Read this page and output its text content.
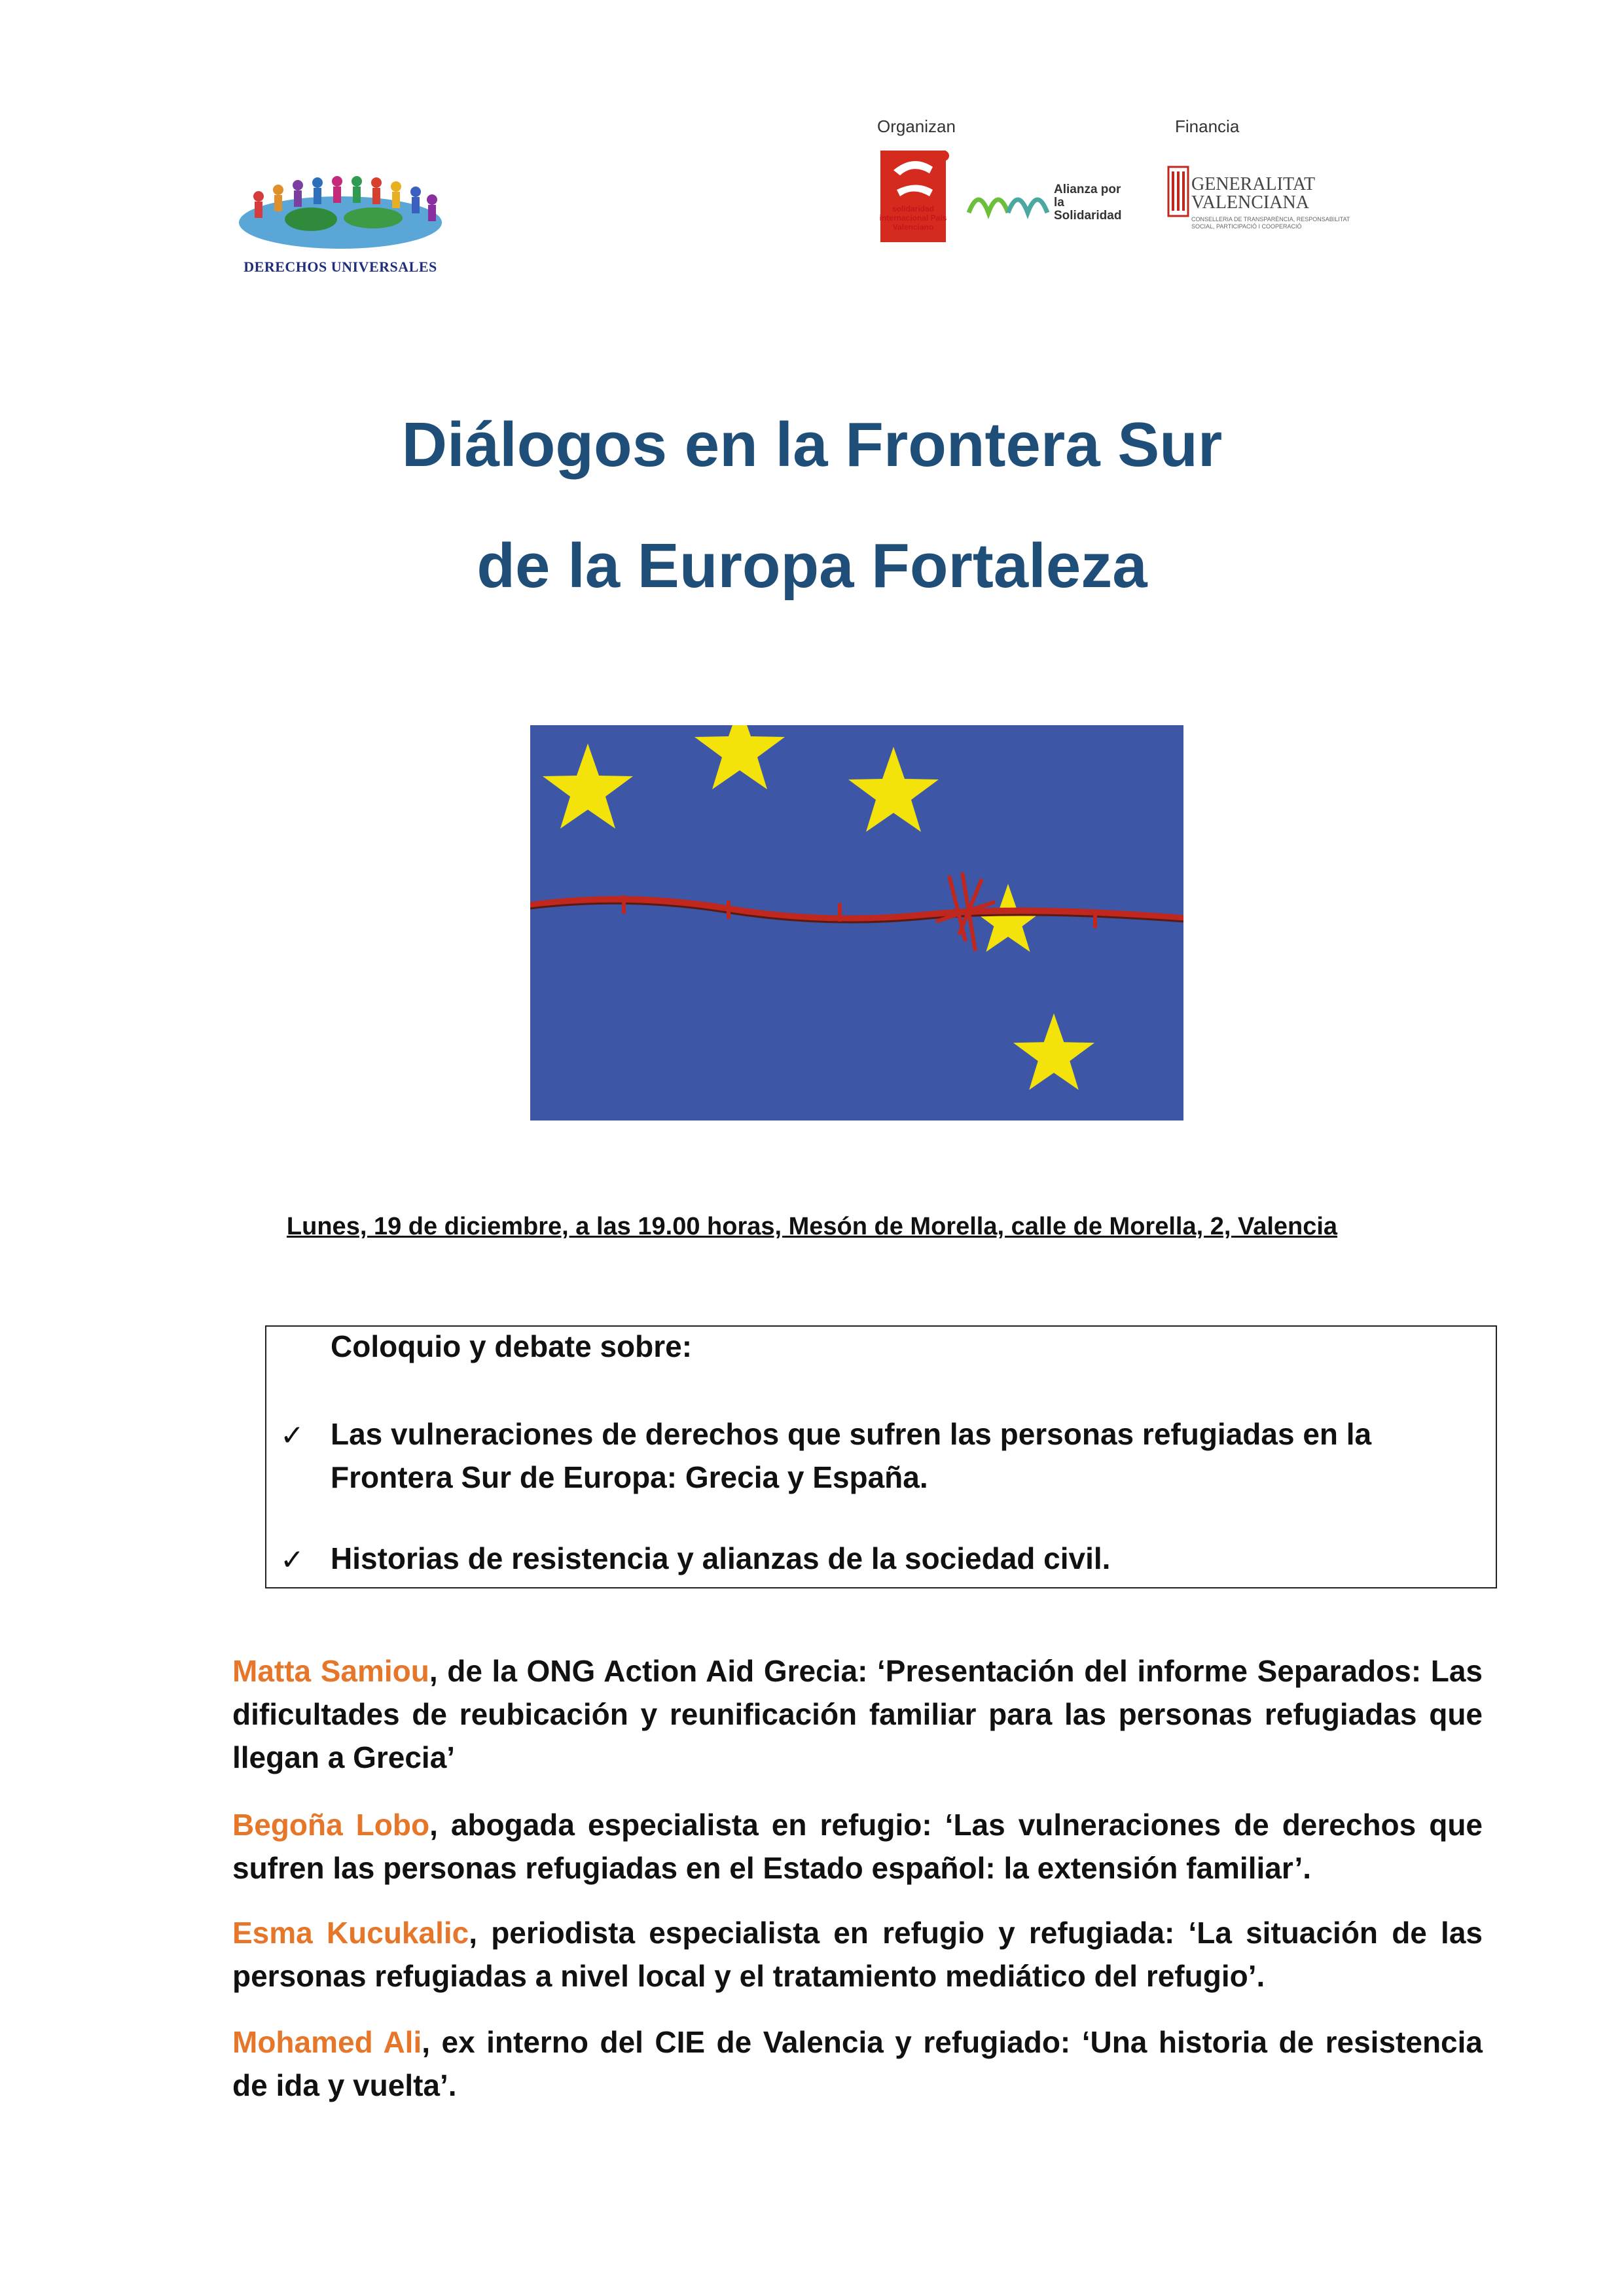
DERECHOS UNIVERSALES
Organizan	Financia
solidaridad internacional País Valenciano
Alianza por la Solidaridad
GENERALITAT VALENCIANA
CONSELLERIA DE TRANSPARÈNCIA, RESPONSABILITAT SOCIAL, PARTICIPACIÓ I COOPERACIÓ
Diálogos en la Frontera Sur
de la Europa Fortaleza
Lunes, 19 de diciembre, a las 19.00 horas, Mesón de Morella, calle de Morella, 2, Valencia
Coloquio y debate sobre:
✓ Las vulneraciones de derechos que sufren las personas refugiadas en la
Frontera Sur de Europa: Grecia y España.
✓ Historias de resistencia y alianzas de la sociedad civil.
Matta Samiou, de la ONG Action Aid Grecia: ‘Presentación del informe Separados: Las dificultades de reubicación y reunificación familiar para las personas refugiadas que llegan a Grecia’
Begoña Lobo, abogada especialista en refugio: ‘Las vulneraciones de derechos que sufren las personas refugiadas en el Estado español: la extensión familiar’.
Esma Kucukalic, periodista especialista en refugio y refugiada: ‘La situación de las personas refugiadas a nivel local y el tratamiento mediático del refugio’.
Mohamed Ali, ex interno del CIE de Valencia y refugiado: ‘Una historia de resistencia de ida y vuelta’.
